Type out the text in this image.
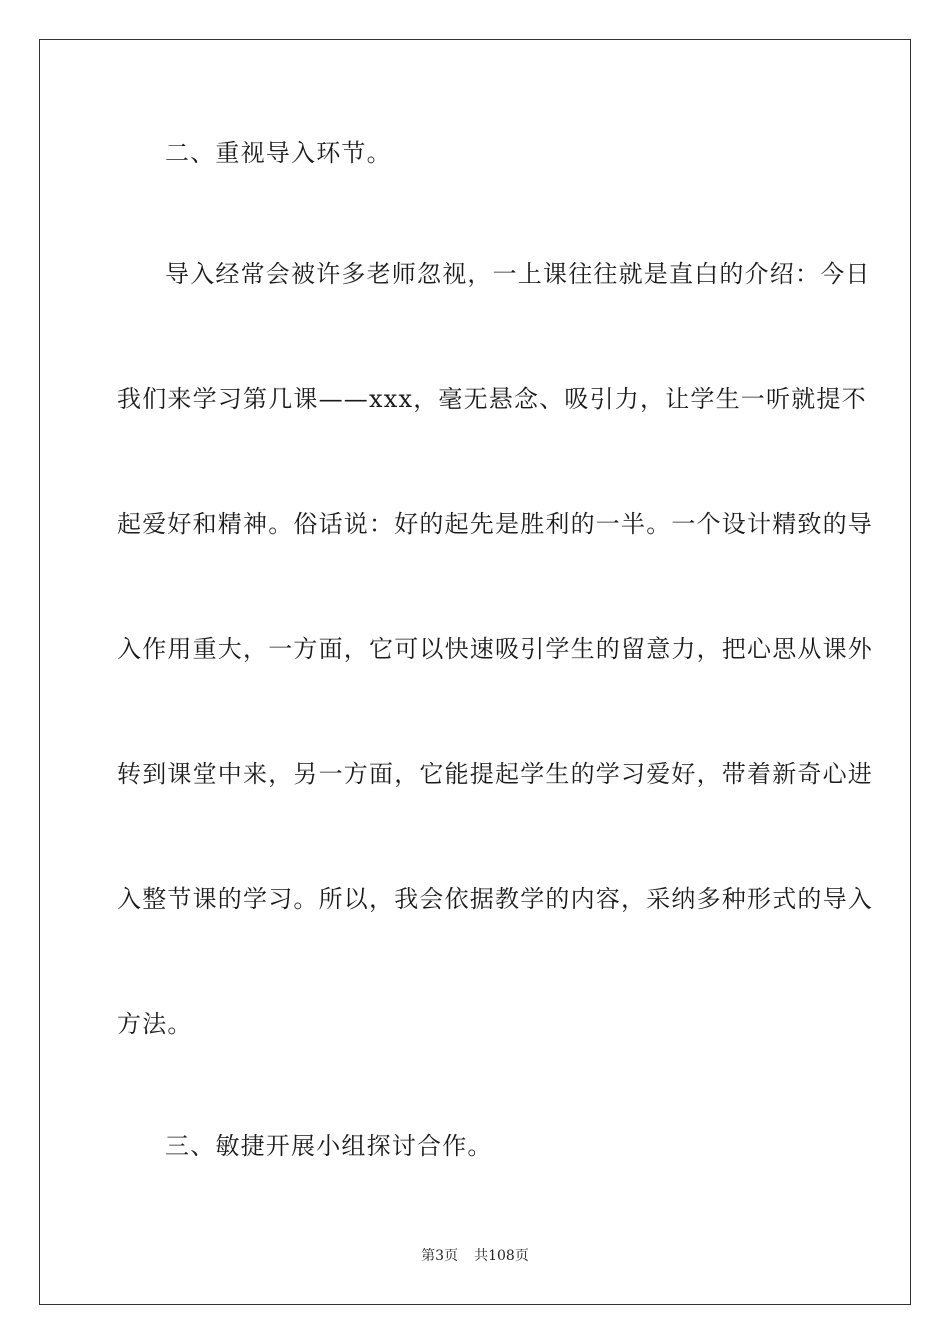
二、重视导入环节。
导入经常会被许多老师忽视，一上课往往就是直白的介绍：今日
我们来学习第几课——xxx，毫无悬念、吸引力，让学生一听就提不
起爱好和精神。俗话说：好的起先是胜利的一半。一个设计精致的导
入作用重大，一方面，它可以快速吸引学生的留意力，把心思从课外
转到课堂中来，另一方面，它能提起学生的学习爱好，带着新奇心进
入整节课的学习。所以，我会依据教学的内容，采纳多种形式的导入
方法。
三、敏捷开展小组探讨合作。
第3页 共108页
